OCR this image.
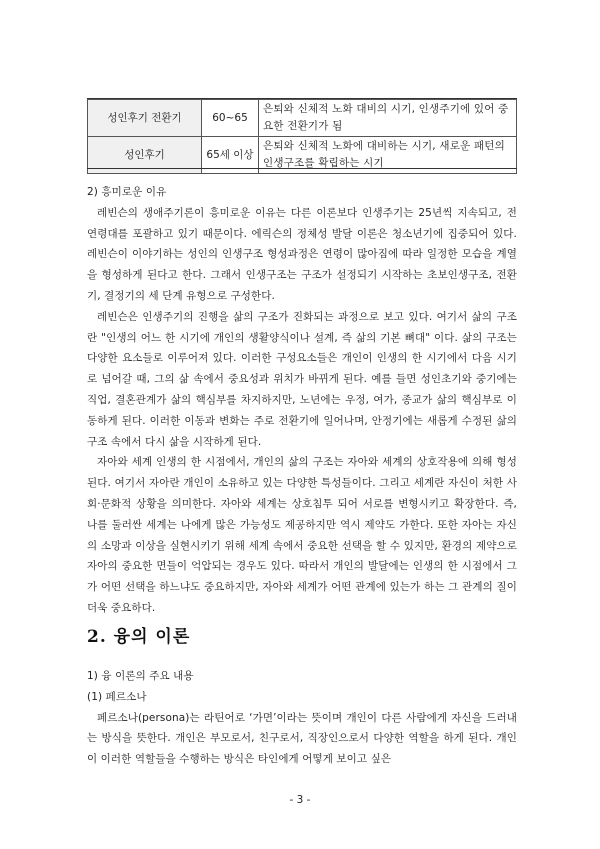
성인후기 전환기	60~65	은퇴와 신체적 노화 대비의 시기, 인생주기에 있어 중요한 전환기가 됨
성인후기	65세 이상	은퇴와 신체적 노화에 대비하는 시기, 새로운 패턴의 인생구조를 확립하는 시기

2) 흥미로운 이유

레빈슨의 생애주기론이 흥미로운 이유는 다른 이론보다 인생주기는 25년씩 지속되고, 전 연령대를 포괄하고 있기 때문이다. 에릭슨의 정체성 발달 이론은 청소년기에 집중되어 있다. 레빈슨이 이야기하는 성인의 인생구조 형성과정은 연령이 많아짐에 따라 일정한 모습을 계열을 형성하게 된다고 한다. 그래서 인생구조는 구조가 설정되기 시작하는 초보인생구조, 전환기, 결정기의 세 단계 유형으로 구성한다.

레빈슨은 인생주기의 진행을 삶의 구조가 진화되는 과정으로 보고 있다. 여기서 삶의 구조란 "인생의 어느 한 시기에 개인의 생활양식이나 설계, 즉 삶의 기본 뼈대" 이다. 삶의 구조는 다양한 요소들로 이루어져 있다. 이러한 구성요소들은 개인이 인생의 한 시기에서 다음 시기로 넘어갈 때, 그의 삶 속에서 중요성과 위치가 바뀌게 된다. 예를 들면 성인초기와 중기에는 직업, 결혼관계가 삶의 핵심부를 차지하지만, 노년에는 우정, 여가, 종교가 삶의 핵심부로 이동하게 된다. 이러한 이동과 변화는 주로 전환기에 일어나며, 안정기에는 새롭게 수정된 삶의 구조 속에서 다시 삶을 시작하게 된다.

자아와 세계 인생의 한 시점에서, 개인의 삶의 구조는 자아와 세계의 상호작용에 의해 형성된다. 여기서 자아란 개인이 소유하고 있는 다양한 특성들이다. 그리고 세계란 자신이 처한 사회·문화적 상황을 의미한다. 자아와 세계는 상호침투 되어 서로를 변형시키고 확장한다. 즉, 나를 둘러싼 세계는 나에게 많은 가능성도 제공하지만 역시 제약도 가한다. 또한 자아는 자신의 소망과 이상을 실현시키기 위해 세계 속에서 중요한 선택을 할 수 있지만, 환경의 제약으로 자아의 중요한 면들이 억압되는 경우도 있다. 따라서 개인의 발달에는 인생의 한 시점에서 그가 어떤 선택을 하느냐도 중요하지만, 자아와 세계가 어떤 관계에 있는가 하는 그 관계의 질이 더욱 중요하다.

2. 융의 이론

1) 융 이론의 주요 내용

(1) 페르소나

페르소나(persona)는 라틴어로 ‘가면’이라는 뜻이며 개인이 다른 사람에게 자신을 드러내는 방식을 뜻한다. 개인은 부모로서, 친구로서, 직장인으로서 다양한 역할을 하게 된다. 개인이 이러한 역할들을 수행하는 방식은 타인에게 어떻게 보이고 싶은

- 3 -
